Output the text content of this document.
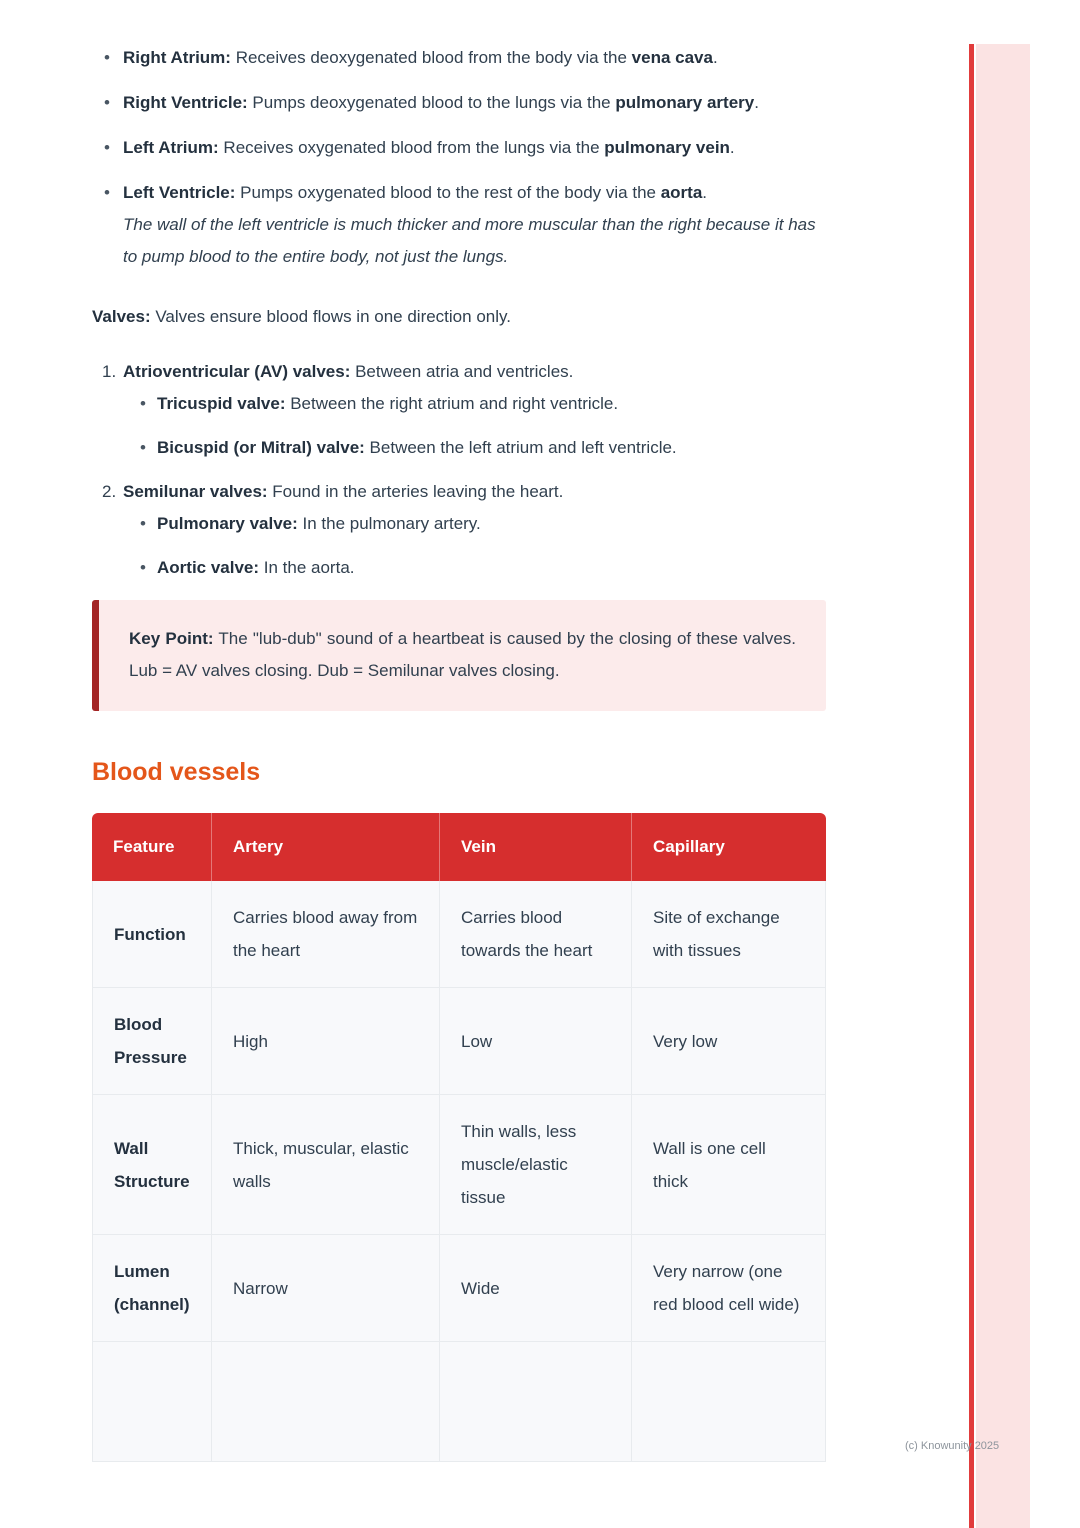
• Right Atrium: Receives deoxygenated blood from the body via the vena cava.
• Right Ventricle: Pumps deoxygenated blood to the lungs via the pulmonary artery.
• Left Atrium: Receives oxygenated blood from the lungs via the pulmonary vein.
• Left Ventricle: Pumps oxygenated blood to the rest of the body via the aorta.
The wall of the left ventricle is much thicker and more muscular than the right because it has to pump blood to the entire body, not just the lungs.

Valves: Valves ensure blood flows in one direction only.

1. Atrioventricular (AV) valves: Between atria and ventricles.
• Tricuspid valve: Between the right atrium and right ventricle.
• Bicuspid (or Mitral) valve: Between the left atrium and left ventricle.
2. Semilunar valves: Found in the arteries leaving the heart.
• Pulmonary valve: In the pulmonary artery.
• Aortic valve: In the aorta.
Key Point: The "lub-dub" sound of a heartbeat is caused by the closing of these valves. Lub = AV valves closing. Dub = Semilunar valves closing.
Blood vessels
Feature	Artery	Vein	Capillary
Function	Carries blood away from the heart	Carries blood towards the heart	Site of exchange with tissues
Blood Pressure	High	Low	Very low
Wall Structure	Thick, muscular, elastic walls	Thin walls, less muscle/elastic tissue	Wall is one cell thick
Lumen (channel)	Narrow	Wide	Very narrow (one red blood cell wide)

(c) Knowunity 2025
